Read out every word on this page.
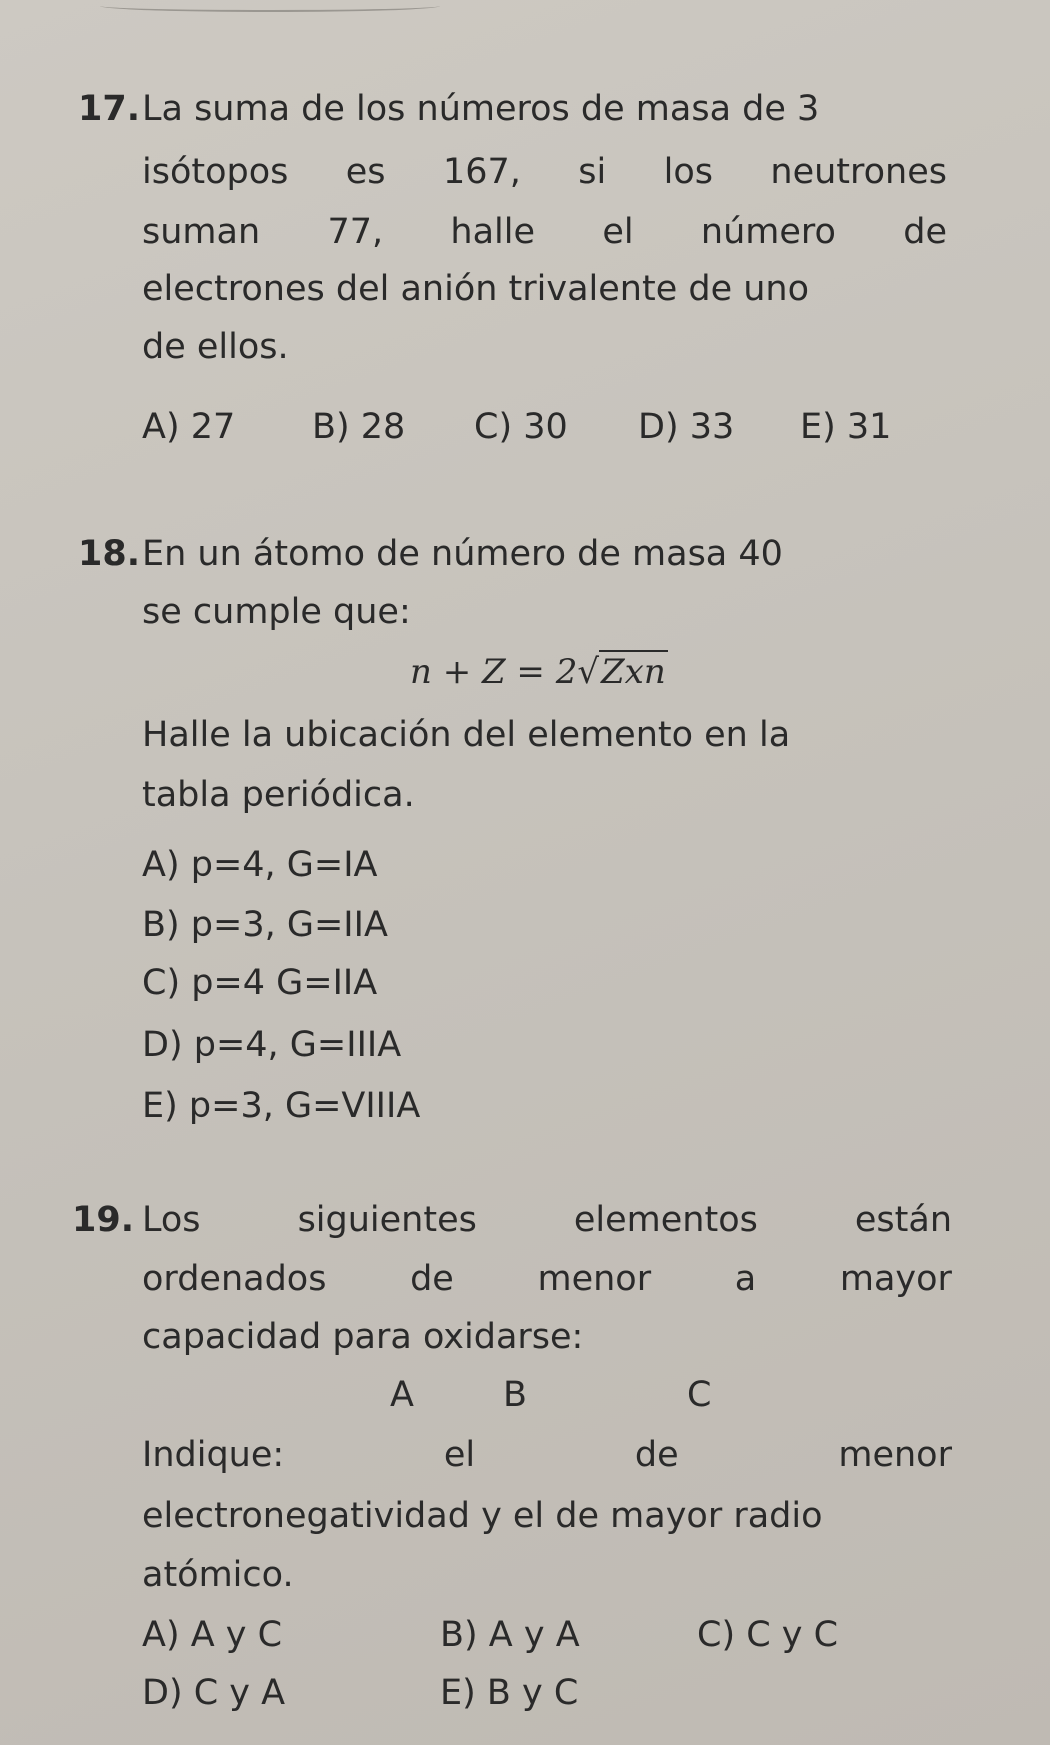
17. La suma de los números de masa de 3
isótopos es 167, si los neutrones
suman 77, halle el número de
electrones del anión trivalente de uno
de ellos.
A) 27 B) 28 C) 30 D) 33 E) 31
18. En un átomo de número de masa 40
se cumple que:
n + Z = 2√Zxn
Halle la ubicación del elemento en la
tabla periódica.
A) p=4, G=IA
B) p=3, G=IIA
C) p=4 G=IIA
D) p=4, G=IIIA
E) p=3, G=VIIIA
19. Los	siguientes	elementos	están
ordenados de menor a mayor
capacidad para oxidarse:
A	B	C
Indique:	el	de	menor
electronegatividad y el de mayor radio
atómico.
A) A y C	B) A y A	C) C y C
D) C y A	E) B y C
